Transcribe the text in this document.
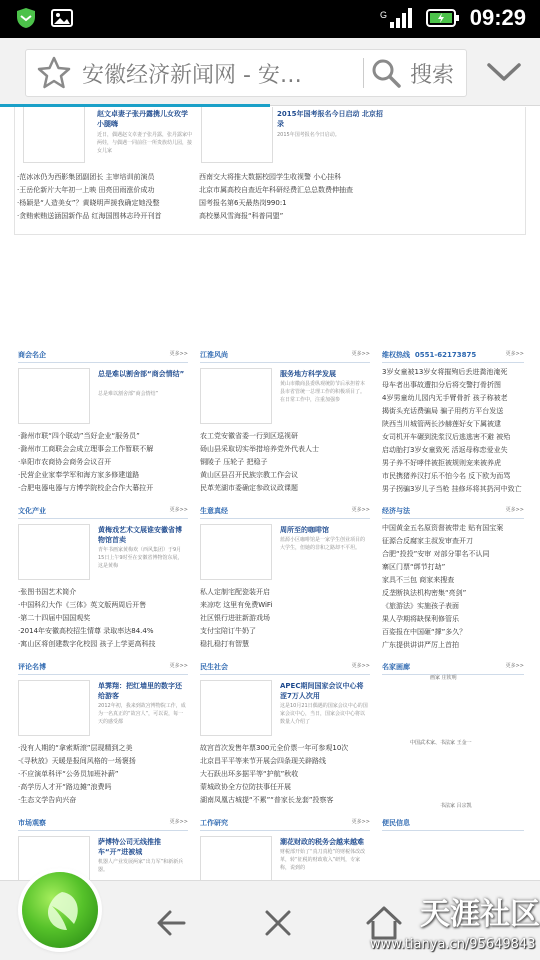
G	09:29
安徽经济新闻网 - 安…	搜索
赵文卓妻子张丹露携儿女玫学 小腿嗨
近日，偶遇赵文卓妻子张丹露，张丹露家中两娃，与偶遇一同前往一所贵族幼儿园，接女儿家
2015年国考报名今日启动 北京招录
2015年国考报名今日启动。
·范冰冰仍为西影集团副团长 主审培训前演员
·王岳伦新片大年初一上映 田亮田雨涨价成功
·杨颖是“人造美女”？黄晓明声援我确定她没整
·贪贿索贿送涵国新作品 红海国围林志玲开刊首
西南交大将推大数据校园学生收视警 小心挂科
北京市属高校自查近年科研经费汇总总数费伸抽查
国考报名第6天最热岗990:1
高校暴风雪海报“科普同盟”
商会名企	更多>>
总是难以割舍部“商会情结”
总是难以割舍部“商会情结”
·滁州市联“四个联动”当好企业“服务员”
·滁州市工商联会会成立理事会工作暂联不解
·阜阳市农商协会商务会议召开
·民营企业家奉学军和海方家多修建道路
·合肥电器电器与方博学院校企合作大幕拉开
江淮风尚	更多>>
服务地方科学发展
黄山市徽商县委纵观统防节后承担着本县市省管统一总理工作的积极项目了。在日常工作中，注重加强参
农工党安徽省委一行到区巡视研
砀山县采取切实举措培养党外代表人士
铜陵子 压轮子 把稳子
黄山区县召开民族宗教工作会议
民革芜湖市委确定参政议政课题
维权热线 0551-62173875	更多>>
3岁女童被13岁女将摧殉后丢进粪池淹死
母车者出事故遭扣分后将交警打骨折图
4岁男童幼儿园内无手臂骨折 孩子称被老
揭街头充话费骗局 骗子用药方平台发送
陕西当川城管两长沙赫莲好女下属被逮
女司机开车碾到洗浆汉后逃逃害不避 被殆
启动胎打3岁女童致死 活返母称恋爱业失
男子养不好哮伴被拒被规则宠来被养虎
市民携猪养汉打乐不怕今名 反下欧为而骂
男子拐骗3岁儿子当枪 挂修坏将其扔河中致亡
文化产业	更多>>
黄梅戏艺术文展谁安徽省博物馆首卖
青年书画家黄梅欢（西风集团）于9月15日上午9时至在安徽省博物馆东展，这是黄梅
·张图书国艺术简介
·中国科幻大作《三体》英文版两周后开售
·第二十四届中国国观奖
·2014年安徽高校招生情尊 录取率达84.4%
·寓山区将创建数字化校园 孩子上学更高科技
生意真经	更多>>
周所至的咖啡馆
蓝源小区咖啡馆是一家学生创业项目的大学生，但她的非和之路却不平坦。
私人定制宅配瓷装开启
来凉吃 这里有免费WiFi
社区银行进驻新游戏场
支付宝陪订牛奶了
稳扎稳打有智慧
经济与法	更多>>
中国黄金五名原资督被带走 贴有国宝案
征源合反腐家主叔发审查开刀
合肥“投投”安审 对部分罪名不认同
寨区门票“绑节打劫”
家具不三包 商家来搜查
反垄断执法机构密集“亮剑”
《旅游法》实施孩子表面
果人孕期将缺保利修管乐
百姿报在中国砸“撑”多久？
广东提供讲讲严厉上首拍
评论名博	更多>>
单霁翔：把红墙里的数字还给游客
2012年初，我来到故宫博物院工作，成为一名真正的“故宫人”，可以说，每一天的感受都
·没有人期的“拿索斯滚”层现精到之美
·《寻秋放》天暖是报间风格的一场褒扬
·不应演单科评“公务员加班补薪”
·高学历人才开“路边摊”浪费吗
·生态文学告向兴奋
民生社会	更多>>
APEC期间国家会议中心将涩7万人次用
这是10月21日偶遇的国家会议中心的国家会议中心，当日，国家会议中心将以数量人介绍了
故宫首次发售年票300元全价票一年可参观10次
北京昌平平等来节开展会四条现关辟路线
大石跃出环多据平等“护航”秋收
蒙城政协全方位防扶事任开展
湖南凤凰古城提“不累”“普家长龙套”投察客
名家画廊	更多>>
画家 庄钦明
中国武术家、书法家 王金一
书法家 吕宗凯
市场观察	更多>>
萨博特公司无线推推车“开”进被城
机器人产业发展两家“出力军”和新新兵器。
工作研究	更多>>
潮花财政的税务会越来越难
财税部开始了“真刀真枪”的财税体改改革，转“征税的财政收入”研判，专家称，说到的
便民信息
天涯社区
www.tianya.cn/95649843
